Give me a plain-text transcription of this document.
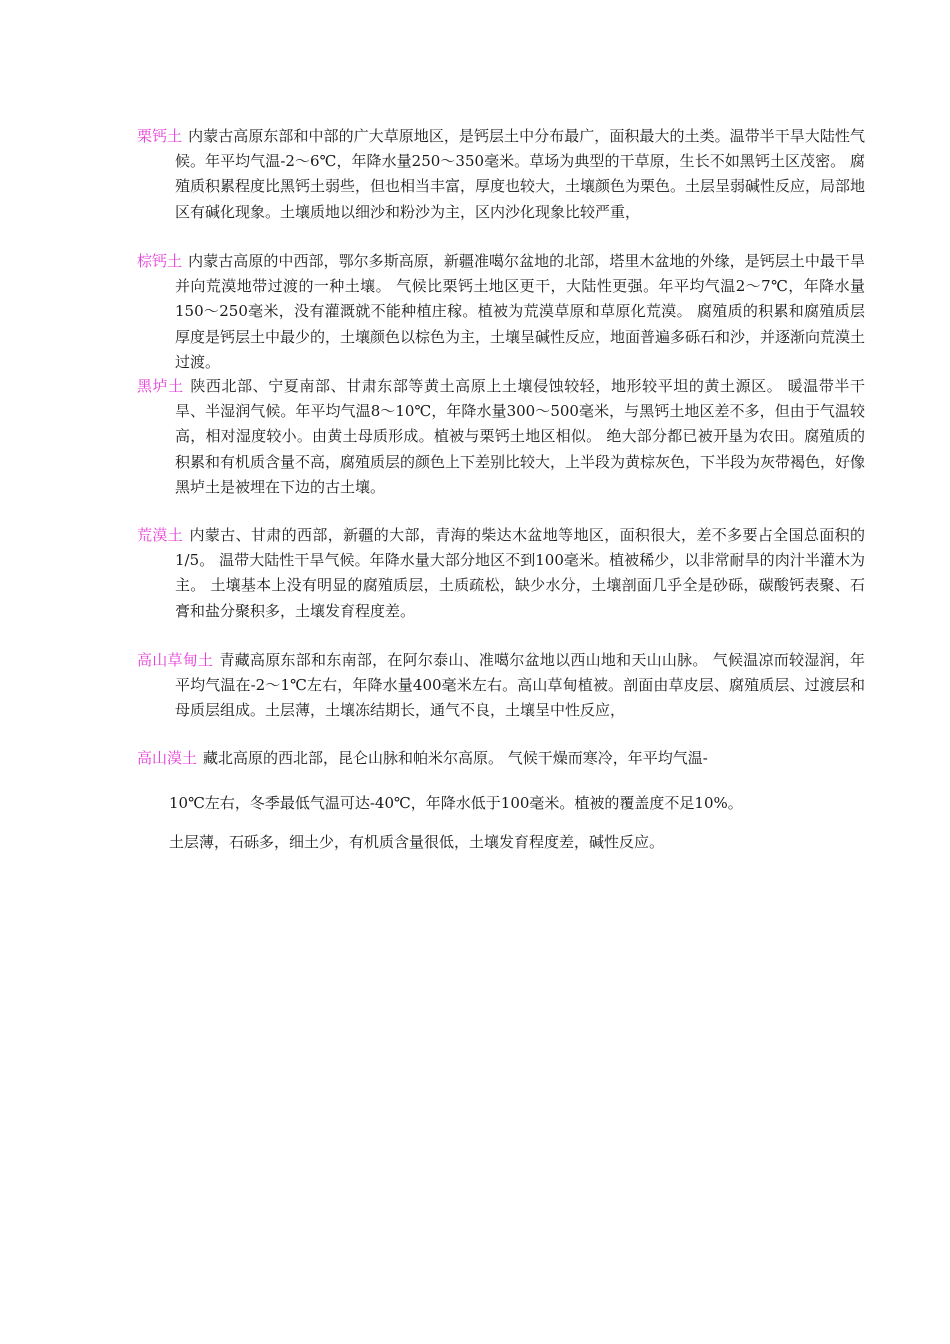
栗钙土 内蒙古高原东部和中部的广大草原地区，是钙层土中分布最广，面积最大的土类。温带半干旱大陆性气候。年平均气温-2～6℃，年降水量250～350毫米。草场为典型的干草原，生长不如黑钙土区茂密。 腐殖质积累程度比黑钙土弱些，但也相当丰富，厚度也较大，土壤颜色为栗色。土层呈弱碱性反应，局部地区有碱化现象。土壤质地以细沙和粉沙为主，区内沙化现象比较严重，

棕钙土 内蒙古高原的中西部，鄂尔多斯高原，新疆准噶尔盆地的北部，塔里木盆地的外缘，是钙层土中最干旱并向荒漠地带过渡的一种土壤。 气候比栗钙土地区更干，大陆性更强。年平均气温2～7℃，年降水量150～250毫米，没有灌溉就不能种植庄稼。植被为荒漠草原和草原化荒漠。 腐殖质的积累和腐殖质层厚度是钙层土中最少的，土壤颜色以棕色为主，土壤呈碱性反应，地面普遍多砾石和沙，并逐渐向荒漠土过渡。

黑垆土 陕西北部、宁夏南部、甘肃东部等黄土高原上土壤侵蚀较轻，地形较平坦的黄土源区。 暖温带半干旱、半湿润气候。年平均气温8～10℃，年降水量300～500毫米，与黑钙土地区差不多，但由于气温较高，相对湿度较小。由黄土母质形成。植被与栗钙土地区相似。 绝大部分都已被开垦为农田。腐殖质的积累和有机质含量不高，腐殖质层的颜色上下差别比较大，上半段为黄棕灰色，下半段为灰带褐色，好像黑垆土是被埋在下边的古土壤。

荒漠土 内蒙古、甘肃的西部，新疆的大部，青海的柴达木盆地等地区，面积很大，差不多要占全国总面积的1/5。 温带大陆性干旱气候。年降水量大部分地区不到100毫米。植被稀少，以非常耐旱的肉汁半灌木为主。 土壤基本上没有明显的腐殖质层，土质疏松，缺少水分，土壤剖面几乎全是砂砾，碳酸钙表聚、石膏和盐分聚积多，土壤发育程度差。

高山草甸土 青藏高原东部和东南部，在阿尔泰山、准噶尔盆地以西山地和天山山脉。 气候温凉而较湿润，年平均气温在-2～1℃左右，年降水量400毫米左右。高山草甸植被。剖面由草皮层、腐殖质层、过渡层和母质层组成。土层薄，土壤冻结期长，通气不良，土壤呈中性反应，

高山漠土 藏北高原的西北部，昆仑山脉和帕米尔高原。 气候干燥而寒冷，年平均气温-
10℃左右，冬季最低气温可达-40℃，年降水低于100毫米。植被的覆盖度不足10%。
土层薄，石砾多，细土少，有机质含量很低，土壤发育程度差，碱性反应。
